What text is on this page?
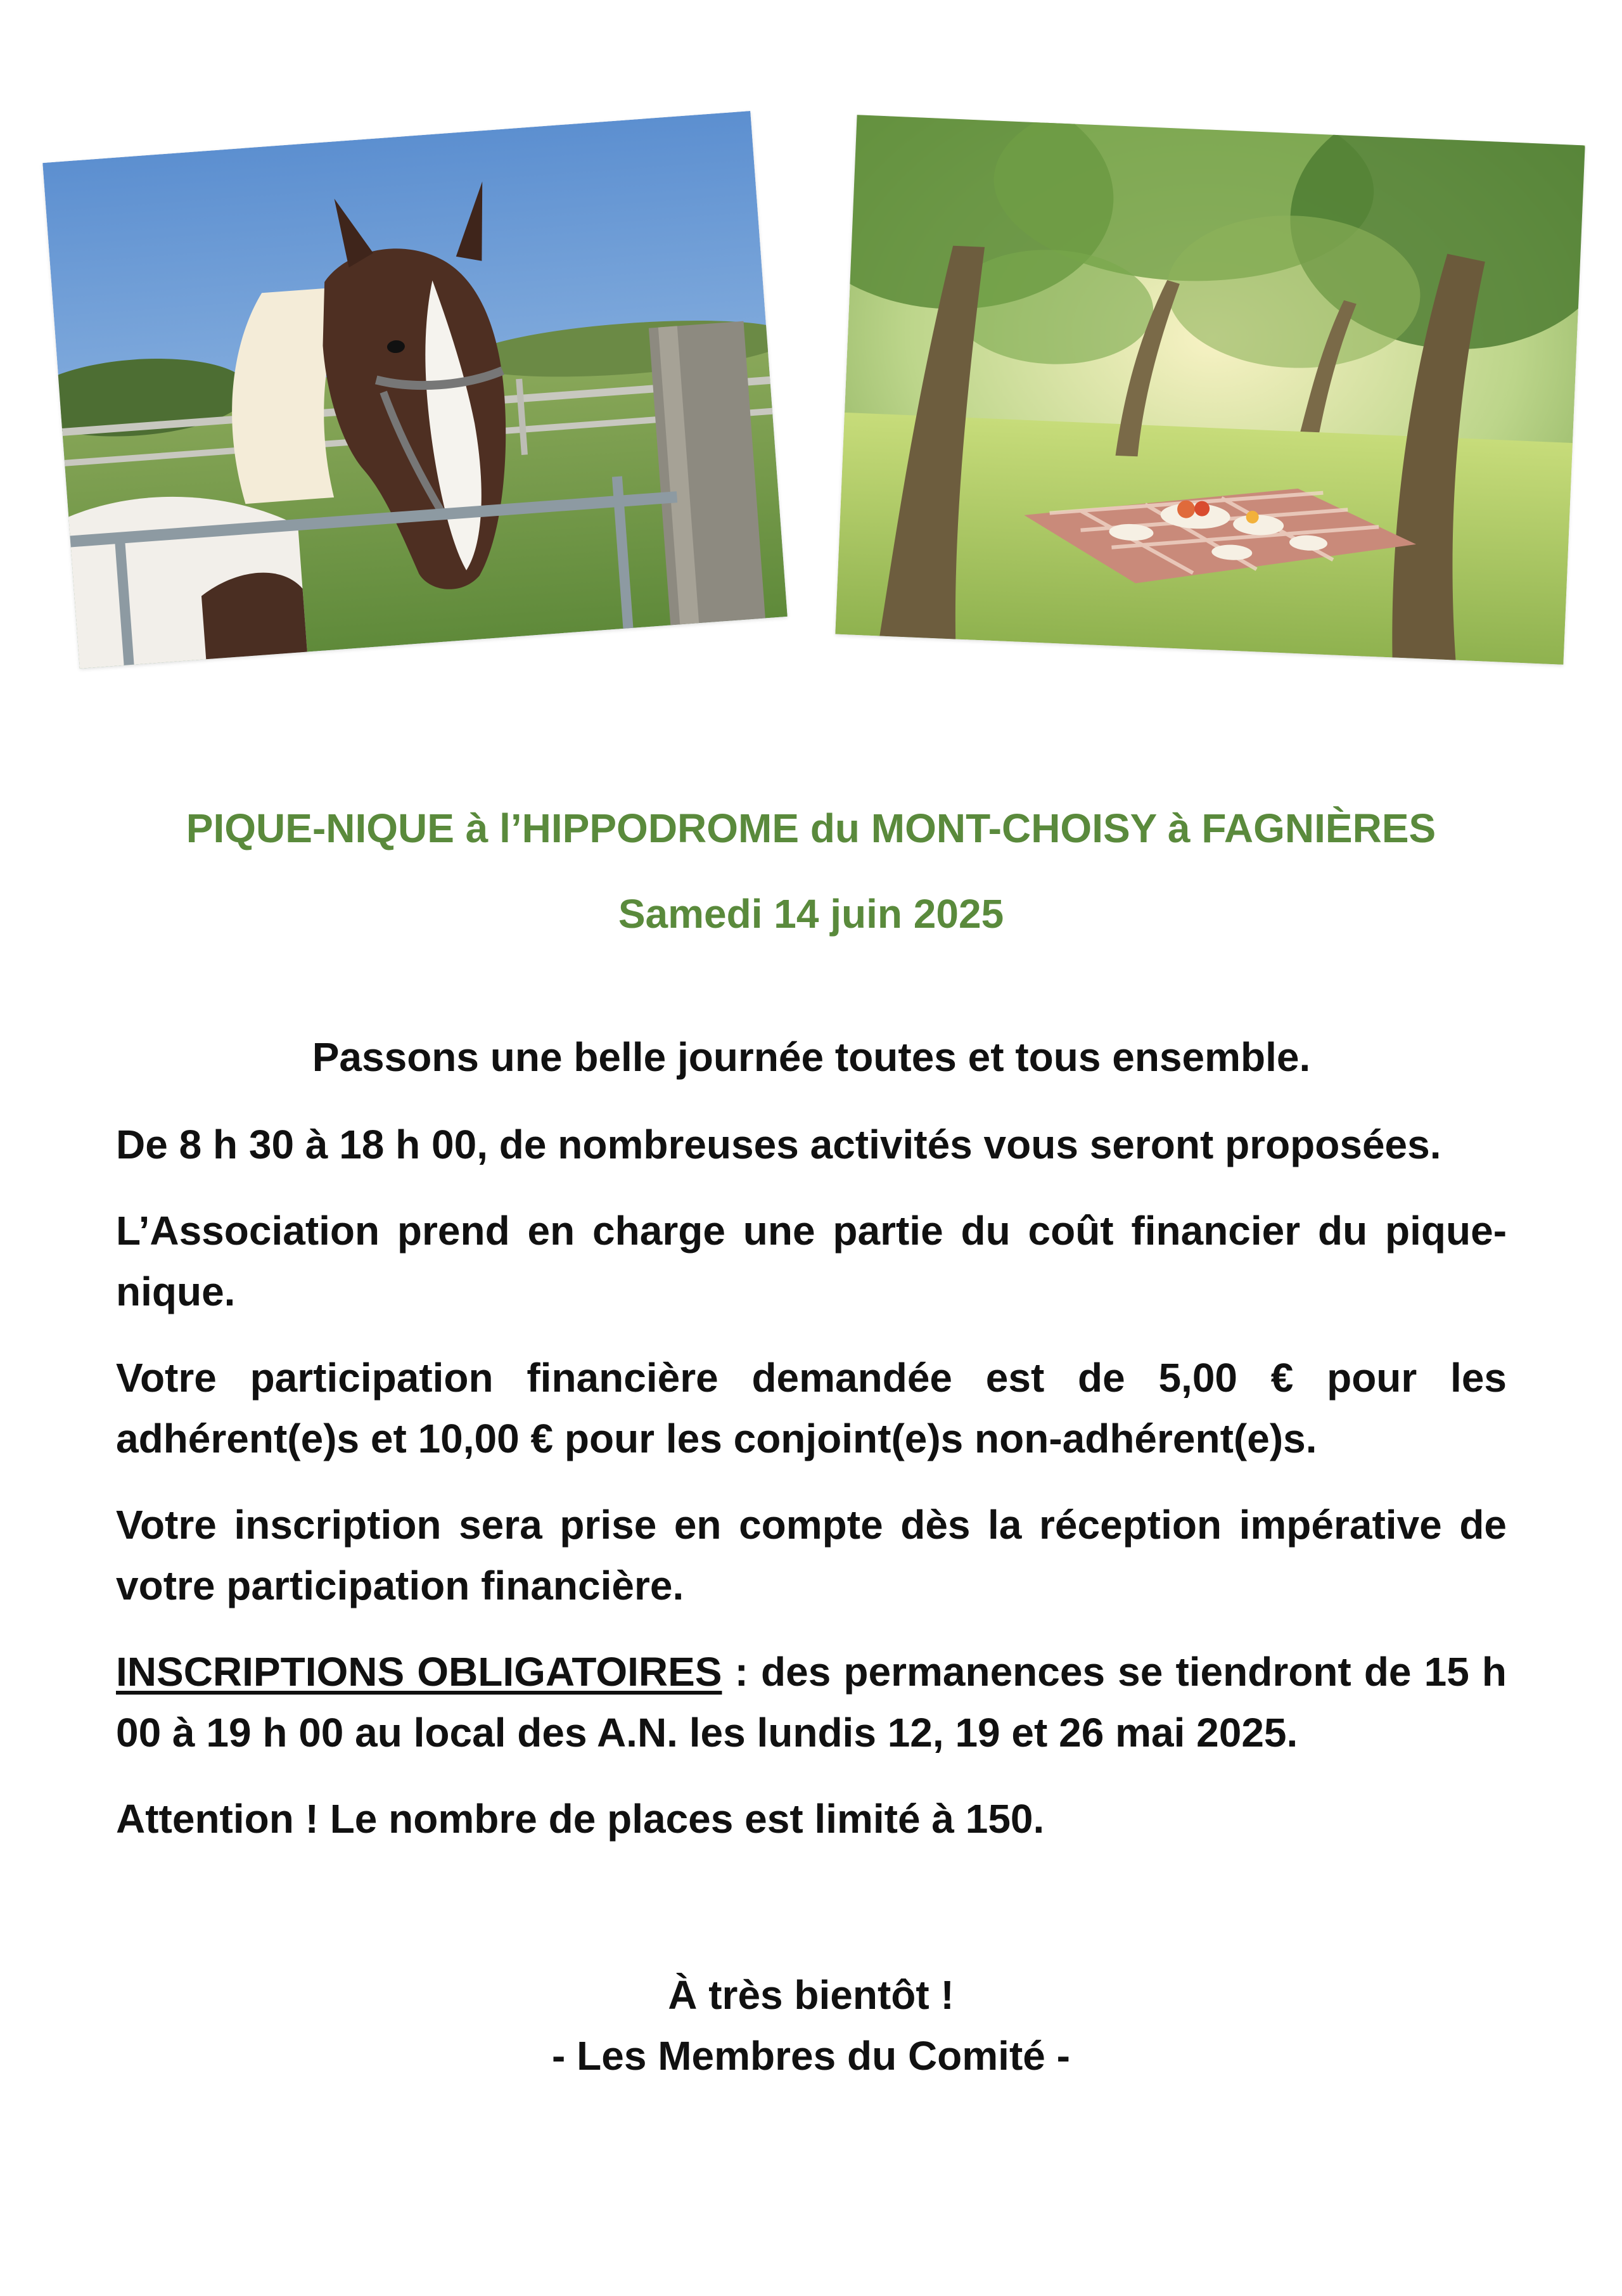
PIQUE-NIQUE à l’HIPPODROME du MONT-CHOISY à FAGNIÈRES
Samedi 14 juin 2025

Passons une belle journée toutes et tous ensemble.

De 8 h 30 à 18 h 00, de nombreuses activités vous seront proposées.

L’Association prend en charge une partie du coût financier du pique-nique.

Votre participation financière demandée est de 5,00 € pour les adhérent(e)s et 10,00 € pour les conjoint(e)s non-adhérent(e)s.

Votre inscription sera prise en compte dès la réception impérative de votre participation financière.

INSCRIPTIONS OBLIGATOIRES : des permanences se tiendront de 15 h 00 à 19 h 00 au local des A.N. les lundis 12, 19 et 26 mai 2025.

Attention ! Le nombre de places est limité à 150.

À très bientôt !
- Les Membres du Comité -
